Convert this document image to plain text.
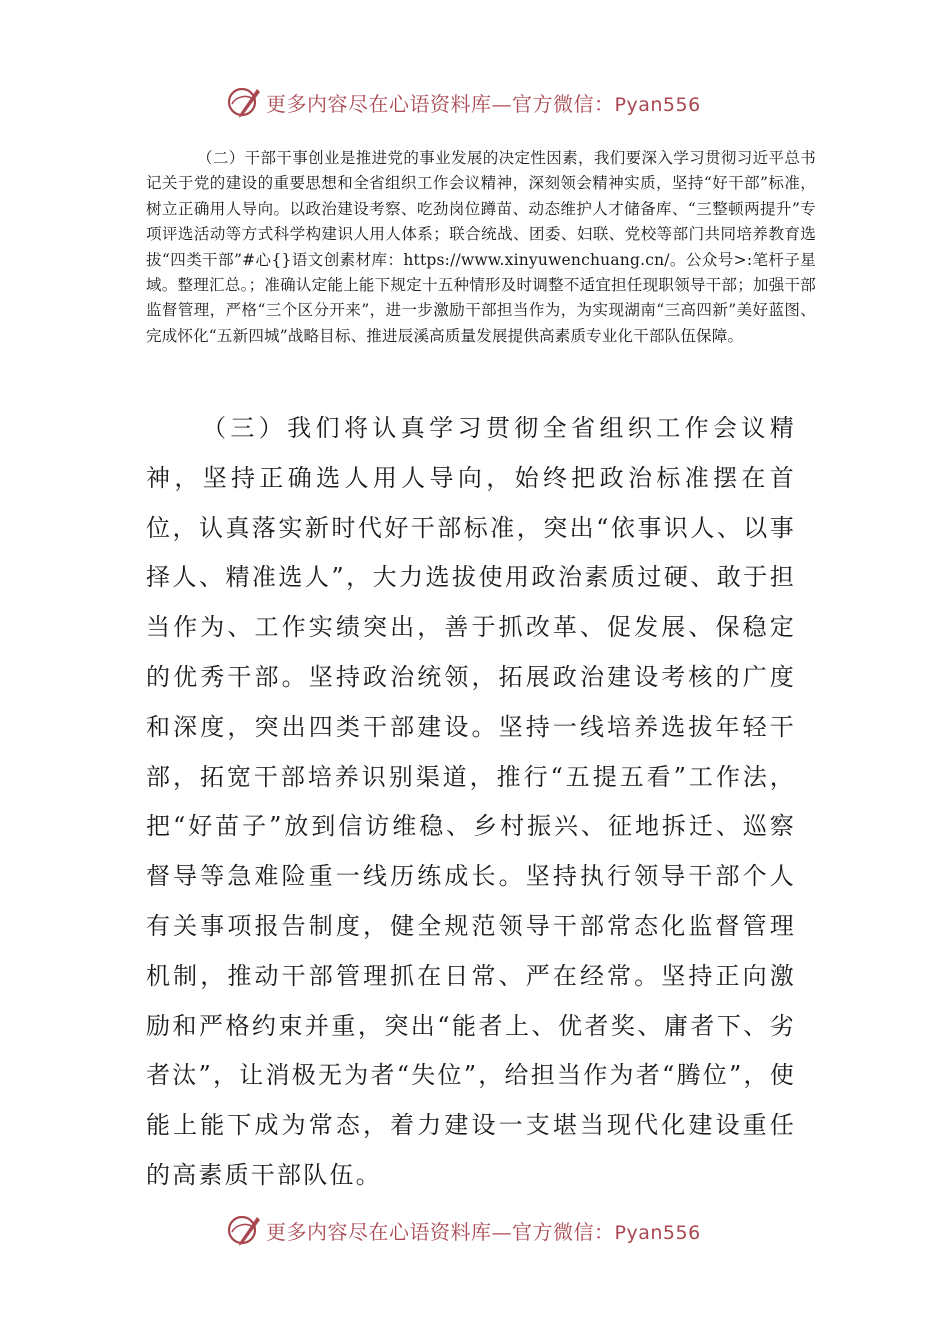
更多内容尽在心语资料库—官方微信：Pyan556

（二）干部干事创业是推进党的事业发展的决定性因素，我们要深入学习贯彻习近平总书记关于党的建设的重要思想和全省组织工作会议精神，深刻领会精神实质，坚持“好干部”标准，树立正确用人导向。以政治建设考察、吃劲岗位蹲苗、动态维护人才储备库、“三整顿两提升”专项评选活动等方式科学构建识人用人体系；联合统战、团委、妇联、党校等部门共同培养教育选拔“四类干部”#心{}语文创素材库：https://www.xinyuwenchuang.cn/。公众号>:笔杆子星域。整理汇总。；准确认定能上能下规定十五种情形及时调整不适宜担任现职领导干部；加强干部监督管理，严格“三个区分开来”，进一步激励干部担当作为，为实现湖南“三高四新”美好蓝图、完成怀化“五新四城”战略目标、推进辰溪高质量发展提供高素质专业化干部队伍保障。

（三）我们将认真学习贯彻全省组织工作会议精神，坚持正确选人用人导向，始终把政治标准摆在首位，认真落实新时代好干部标准，突出“依事识人、以事择人、精准选人”，大力选拔使用政治素质过硬、敢于担当作为、工作实绩突出，善于抓改革、促发展、保稳定的优秀干部。坚持政治统领，拓展政治建设考核的广度和深度，突出四类干部建设。坚持一线培养选拔年轻干部，拓宽干部培养识别渠道，推行“五提五看”工作法，把“好苗子”放到信访维稳、乡村振兴、征地拆迁、巡察督导等急难险重一线历练成长。坚持执行领导干部个人有关事项报告制度，健全规范领导干部常态化监督管理机制，推动干部管理抓在日常、严在经常。坚持正向激励和严格约束并重，突出“能者上、优者奖、庸者下、劣者汰”，让消极无为者“失位”，给担当作为者“腾位”，使能上能下成为常态，着力建设一支堪当现代化建设重任的高素质干部队伍。

更多内容尽在心语资料库—官方微信：Pyan556
